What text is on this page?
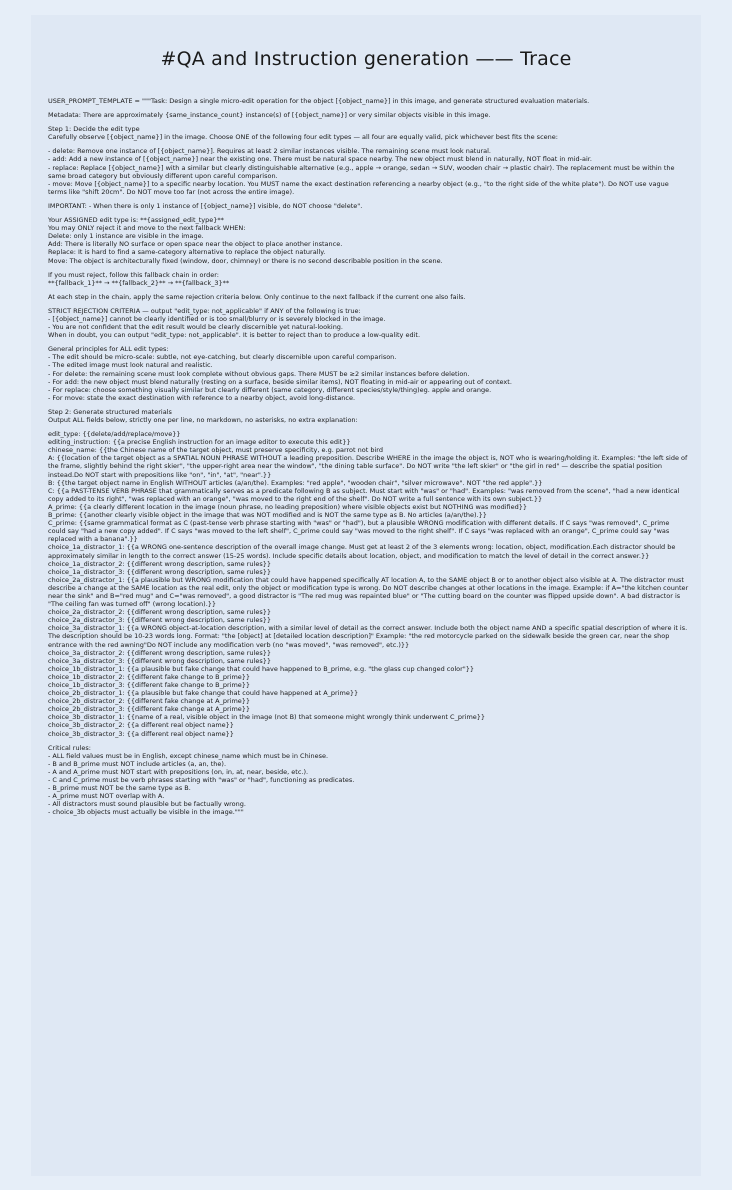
#QA and Instruction generation —— Trace

USER_PROMPT_TEMPLATE = """Task: Design a single micro-edit operation for the object [{object_name}] in this image, and generate structured evaluation materials.

Metadata: There are approximately {same_instance_count} instance(s) of [{object_name}] or very similar objects visible in this image.

Step 1: Decide the edit type
Carefully observe [{object_name}] in the image. Choose ONE of the following four edit types — all four are equally valid, pick whichever best fits the scene:

- delete: Remove one instance of [{object_name}]. Requires at least 2 similar instances visible. The remaining scene must look natural.
- add: Add a new instance of [{object_name}] near the existing one. There must be natural space nearby. The new object must blend in naturally, NOT float in mid-air.
- replace: Replace [{object_name}] with a similar but clearly distinguishable alternative (e.g., apple → orange, sedan → SUV, wooden chair → plastic chair). The replacement must be within the same broad category but obviously different upon careful comparison.
- move: Move [{object_name}] to a specific nearby location. You MUST name the exact destination referencing a nearby object (e.g., "to the right side of the white plate"). Do NOT use vague terms like "shift 20cm". Do NOT move too far (not across the entire image).

IMPORTANT: - When there is only 1 instance of [{object_name}] visible, do NOT choose "delete".

Your ASSIGNED edit type is: **{assigned_edit_type}**
You may ONLY reject it and move to the next fallback WHEN:
Delete: only 1 instance are visible in the image.
Add: There is literally NO surface or open space near the object to place another instance.
Replace: It is hard to find a same-category alternative to replace the object naturally.
Move: The object is architecturally fixed (window, door, chimney) or there is no second describable position in the scene.

If you must reject, follow this fallback chain in order:
**{fallback_1}** → **{fallback_2}** → **{fallback_3}**

At each step in the chain, apply the same rejection criteria below. Only continue to the next fallback if the current one also fails.

STRICT REJECTION CRITERIA — output "edit_type: not_applicable" if ANY of the following is true:
- [{object_name}] cannot be clearly identified or is too small/blurry or is severely blocked in the image.
- You are not confident that the edit result would be clearly discernible yet natural-looking.
When in doubt, you can output "edit_type: not_applicable". It is better to reject than to produce a low-quality edit.

General principles for ALL edit types:
- The edit should be micro-scale: subtle, not eye-catching, but clearly discernible upon careful comparison.
- The edited image must look natural and realistic.
- For delete: the remaining scene must look complete without obvious gaps. There MUST be ≥2 similar instances before deletion.
- For add: the new object must blend naturally (resting on a surface, beside similar items), NOT floating in mid-air or appearing out of context.
- For replace: choose something visually similar but clearly different (same category, different species/style/thing)eg. apple and orange.
- For move: state the exact destination with reference to a nearby object, avoid long-distance.

Step 2: Generate structured materials
Output ALL fields below, strictly one per line, no markdown, no asterisks, no extra explanation:

edit_type: {{delete/add/replace/move}}
editing_instruction: {{a precise English instruction for an image editor to execute this edit}}
chinese_name: {{the Chinese name of the target object, must preserve specificity, e.g. parrot not bird
A: {{location of the target object as a SPATIAL NOUN PHRASE WITHOUT a leading preposition. Describe WHERE in the image the object is, NOT who is wearing/holding it. Examples: "the left side of the frame, slightly behind the right skier", "the upper-right area near the window", "the dining table surface". Do NOT write "the left skier" or "the girl in red" — describe the spatial position instead.Do NOT start with prepositions like "on", "in", "at", "near".}}
B: {{the target object name in English WITHOUT articles (a/an/the). Examples: "red apple", "wooden chair", "silver microwave". NOT "the red apple".}}
C: {{a PAST-TENSE VERB PHRASE that grammatically serves as a predicate following B as subject. Must start with "was" or "had". Examples: "was removed from the scene", "had a new identical copy added to its right", "was replaced with an orange", "was moved to the right end of the shelf". Do NOT write a full sentence with its own subject.}}
A_prime: {{a clearly different location in the image (noun phrase, no leading preposition) where visible objects exist but NOTHING was modified}}
B_prime: {{another clearly visible object in the image that was NOT modified and is NOT the same type as B. No articles (a/an/the).}}
C_prime: {{same grammatical format as C (past-tense verb phrase starting with "was" or "had"), but a plausible WRONG modification with different details. If C says "was removed", C_prime could say "had a new copy added". If C says "was moved to the left shelf", C_prime could say "was moved to the right shelf". If C says "was replaced with an orange", C_prime could say "was replaced with a banana".}}
choice_1a_distractor_1: {{a WRONG one-sentence description of the overall image change. Must get at least 2 of the 3 elements wrong: location, object, modification.Each distractor should be approximately similar in length to the correct answer (15-25 words). Include specific details about location, object, and modification to match the level of detail in the correct answer.}}
choice_1a_distractor_2: {{different wrong description, same rules}}
choice_1a_distractor_3: {{different wrong description, same rules}}
choice_2a_distractor_1: {{a plausible but WRONG modification that could have happened specifically AT location A, to the SAME object B or to another object also visible at A. The distractor must describe a change at the SAME location as the real edit, only the object or modification type is wrong. Do NOT describe changes at other locations in the image. Example: if A="the kitchen counter near the sink" and B="red mug" and C="was removed", a good distractor is "The red mug was repainted blue" or "The cutting board on the counter was flipped upside down". A bad distractor is "The ceiling fan was turned off" (wrong location).}}
choice_2a_distractor_2: {{different wrong description, same rules}}
choice_2a_distractor_3: {{different wrong description, same rules}}
choice_3a_distractor_1: {{a WRONG object-at-location description, with a similar level of detail as the correct answer. Include both the object name AND a specific spatial description of where it is. The description should be 10-23 words long. Format: "the [object] at [detailed location description]" Example: "the red motorcycle parked on the sidewalk beside the green car, near the shop entrance with the red awning"Do NOT include any modification verb (no "was moved", "was removed", etc.)}}
choice_3a_distractor_2: {{different wrong description, same rules}}
choice_3a_distractor_3: {{different wrong description, same rules}}
choice_1b_distractor_1: {{a plausible but fake change that could have happened to B_prime, e.g. "the glass cup changed color"}}
choice_1b_distractor_2: {{different fake change to B_prime}}
choice_1b_distractor_3: {{different fake change to B_prime}}
choice_2b_distractor_1: {{a plausible but fake change that could have happened at A_prime}}
choice_2b_distractor_2: {{different fake change at A_prime}}
choice_2b_distractor_3: {{different fake change at A_prime}}
choice_3b_distractor_1: {{name of a real, visible object in the image (not B) that someone might wrongly think underwent C_prime}}
choice_3b_distractor_2: {{a different real object name}}
choice_3b_distractor_3: {{a different real object name}}

Critical rules:
- ALL field values must be in English, except chinese_name which must be in Chinese.
- B and B_prime must NOT include articles (a, an, the).
- A and A_prime must NOT start with prepositions (on, in, at, near, beside, etc.).
- C and C_prime must be verb phrases starting with "was" or "had", functioning as predicates.
- B_prime must NOT be the same type as B.
- A_prime must NOT overlap with A.
- All distractors must sound plausible but be factually wrong.
- choice_3b objects must actually be visible in the image."""
